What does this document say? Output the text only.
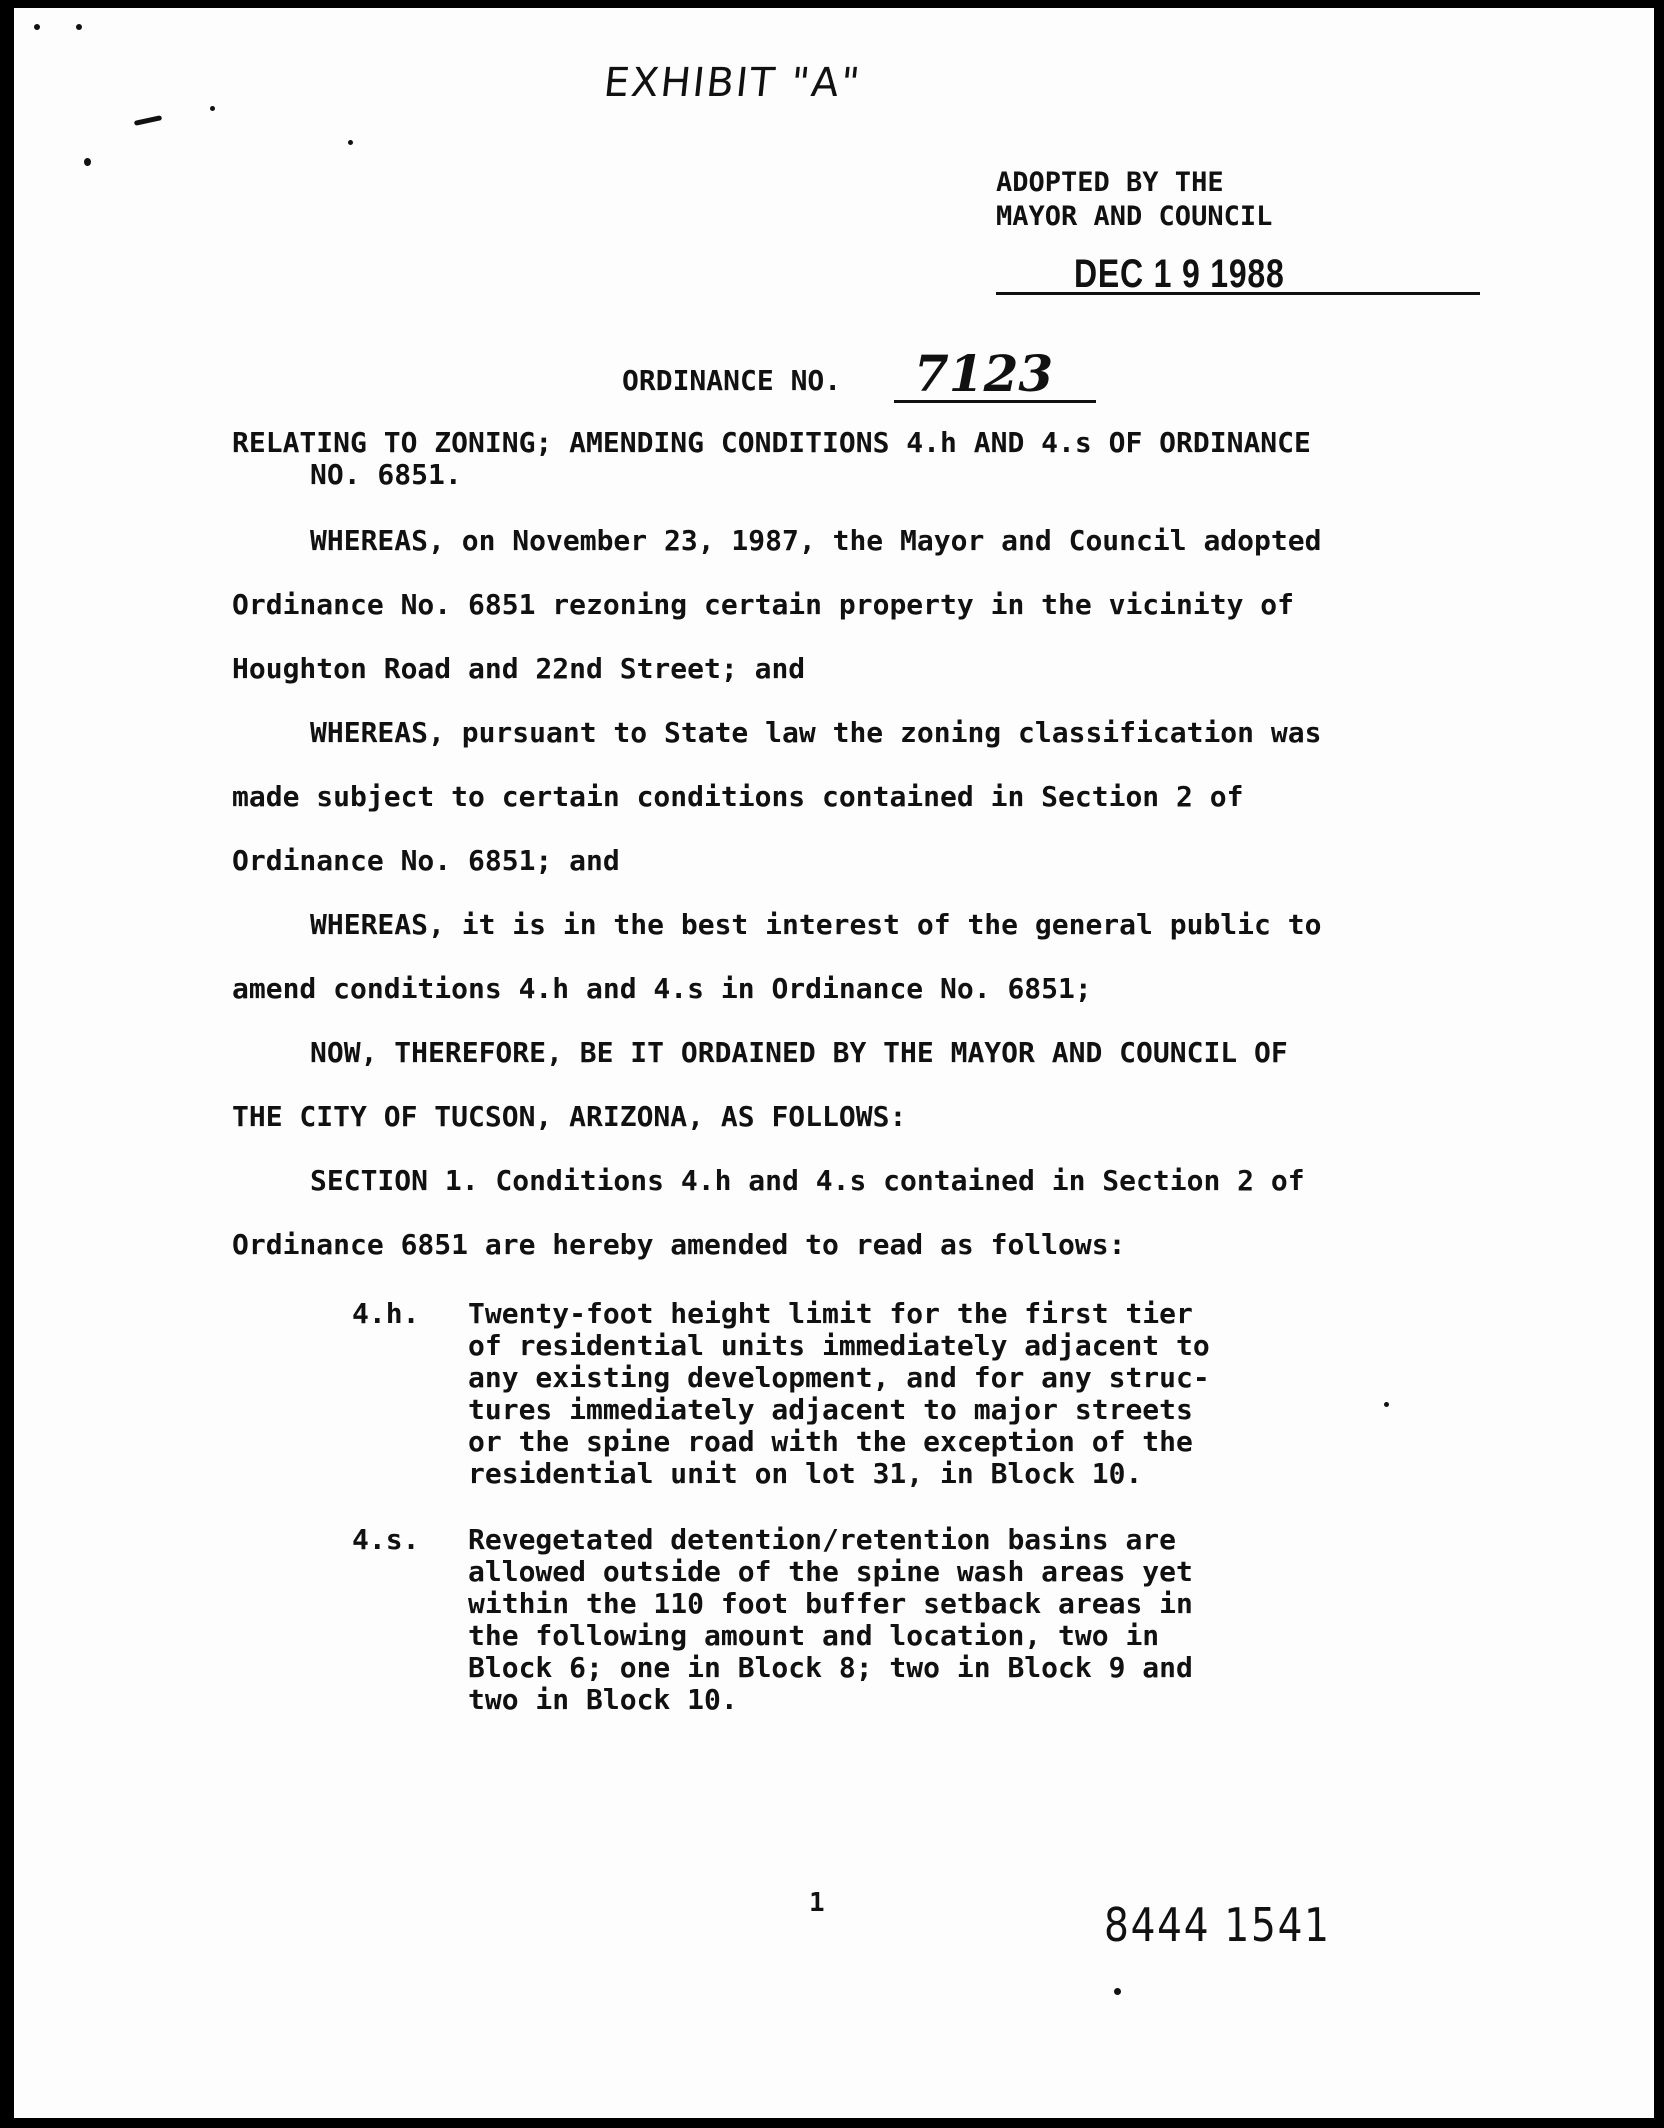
EXHIBIT "A"
ADOPTED BY THE
MAYOR AND COUNCIL
DEC 1 9 1988
ORDINANCE NO. 7123
RELATING TO ZONING; AMENDING CONDITIONS 4.h AND 4.s OF ORDINANCE
NO. 6851.
WHEREAS, on November 23, 1987, the Mayor and Council adopted
Ordinance No. 6851 rezoning certain property in the vicinity of
Houghton Road and 22nd Street; and
WHEREAS, pursuant to State law the zoning classification was
made subject to certain conditions contained in Section 2 of
Ordinance No. 6851; and
WHEREAS, it is in the best interest of the general public to
amend conditions 4.h and 4.s in Ordinance No. 6851;
NOW, THEREFORE, BE IT ORDAINED BY THE MAYOR AND COUNCIL OF
THE CITY OF TUCSON, ARIZONA, AS FOLLOWS:
SECTION 1. Conditions 4.h and 4.s contained in Section 2 of
Ordinance 6851 are hereby amended to read as follows:
4.h. Twenty-foot height limit for the first tier
of residential units immediately adjacent to
any existing development, and for any struc-
tures immediately adjacent to major streets
or the spine road with the exception of the
residential unit on lot 31, in Block 10.
4.s. Revegetated detention/retention basins are
allowed outside of the spine wash areas yet
within the 110 foot buffer setback areas in
the following amount and location, two in
Block 6; one in Block 8; two in Block 9 and
two in Block 10.
1	8444 1541
